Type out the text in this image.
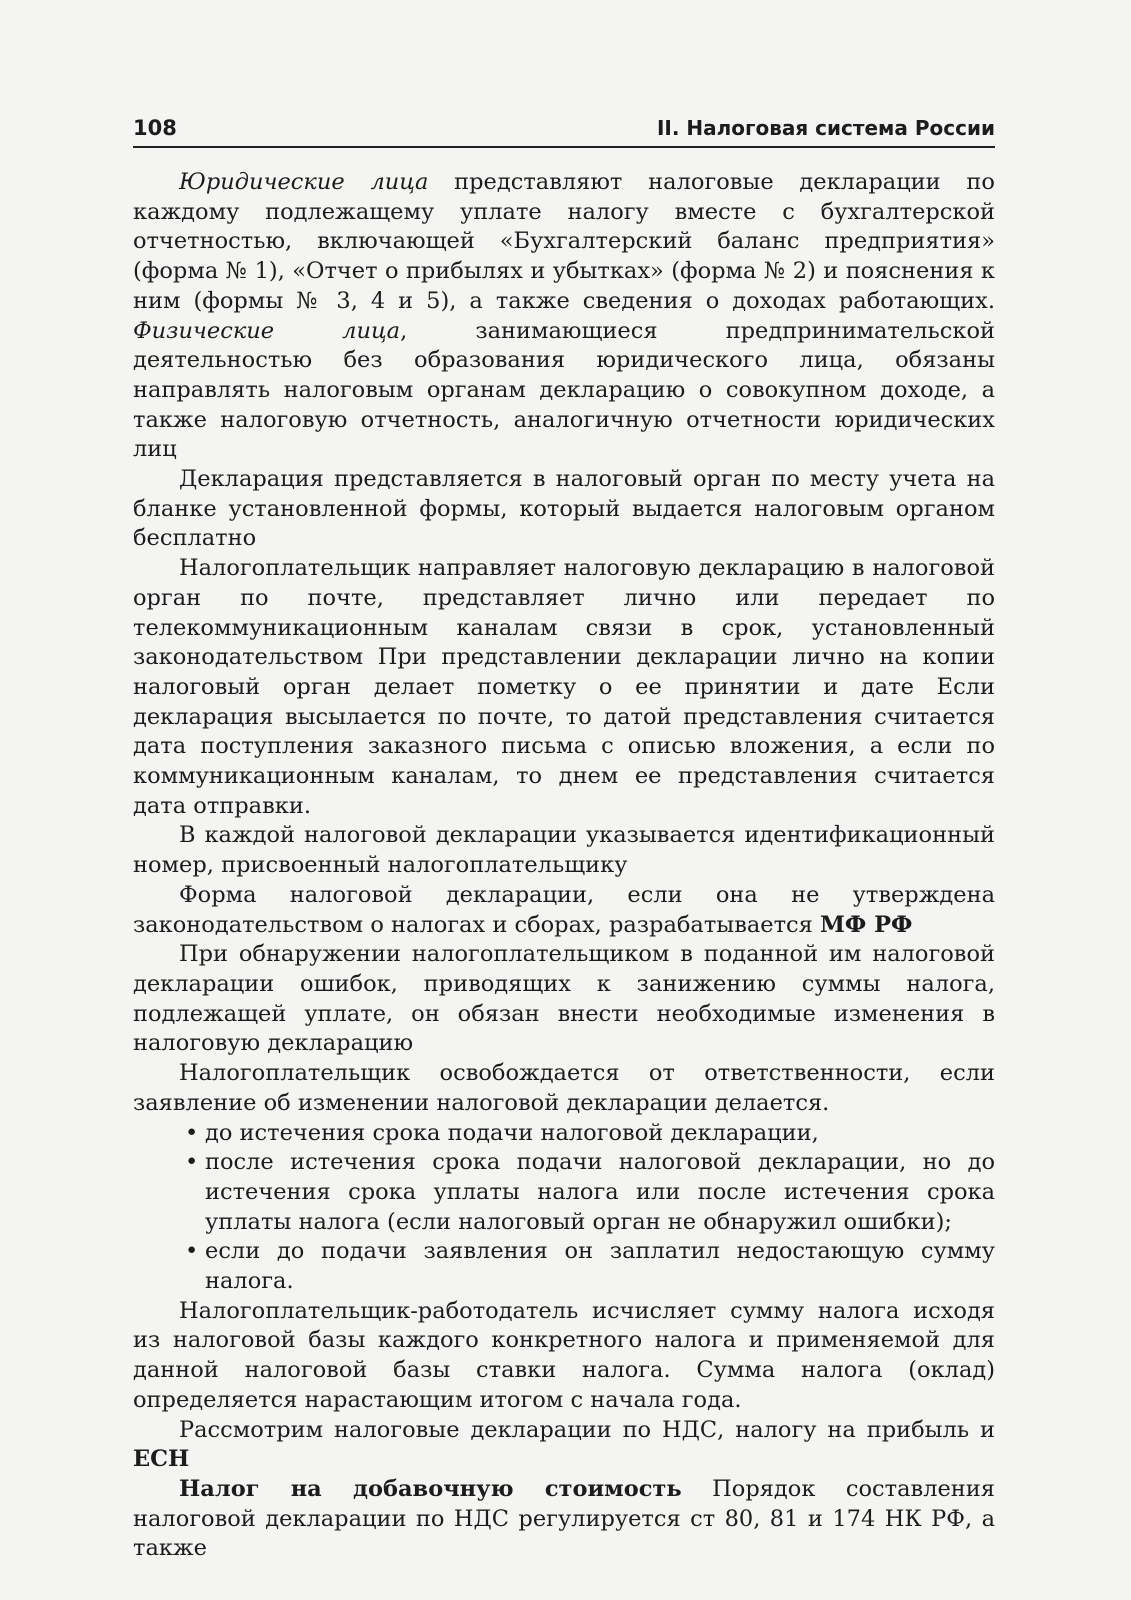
108	II. Налоговая система России

Юридические лица представляют налоговые декларации по каждому подлежащему уплате налогу вместе с бухгалтерской отчетностью, включающей «Бухгалтерский баланс предприятия» (форма № 1), «Отчет о прибылях и убытках» (форма № 2) и пояснения к ним (формы № 3, 4 и 5), а также сведения о доходах работающих. Физические лица, занимающиеся предпринимательской деятельностью без образования юридического лица, обязаны направлять налоговым органам декларацию о совокупном доходе, а также налоговую отчетность, аналогичную отчетности юридических лиц

Декларация представляется в налоговый орган по месту учета на бланке установленной формы, который выдается налоговым органом бесплатно

Налогоплательщик направляет налоговую декларацию в налоговой орган по почте, представляет лично или передает по телекоммуникационным каналам связи в срок, установленный законодательством При представлении декларации лично на копии налоговый орган делает пометку о ее принятии и дате Если декларация высылается по почте, то датой представления считается дата поступления заказного письма с описью вложения, а если по коммуникационным каналам, то днем ее представления считается дата отправки.

В каждой налоговой декларации указывается идентификационный номер, присвоенный налогоплательщику

Форма налоговой декларации, если она не утверждена законодательством о налогах и сборах, разрабатывается МФ РФ

При обнаружении налогоплательщиком в поданной им налоговой декларации ошибок, приводящих к занижению суммы налога, подлежащей уплате, он обязан внести необходимые изменения в налоговую декларацию

Налогоплательщик освобождается от ответственности, если заявление об изменении налоговой декларации делается.

• до истечения срока подачи налоговой декларации,
• после истечения срока подачи налоговой декларации, но до истечения срока уплаты налога или после истечения срока уплаты налога (если налоговый орган не обнаружил ошибки);
• если до подачи заявления он заплатил недостающую сумму налога.

Налогоплательщик-работодатель исчисляет сумму налога исходя из налоговой базы каждого конкретного налога и применяемой для данной налоговой базы ставки налога. Сумма налога (оклад) определяется нарастающим итогом с начала года.

Рассмотрим налоговые декларации по НДС, налогу на прибыль и ЕСН

Налог на добавочную стоимость Порядок составления налоговой декларации по НДС регулируется ст 80, 81 и 174 НК РФ, а также
